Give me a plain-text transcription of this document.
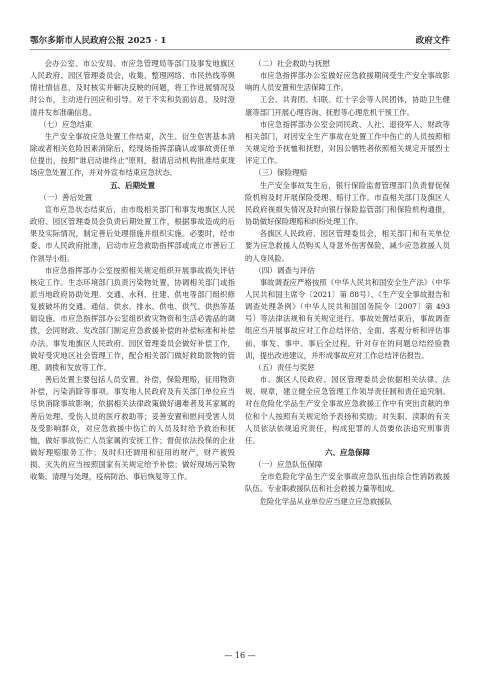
鄂尔多斯市人民政府公报 2025 · 1	政府文件

会办公室、市公安局、市应急管理局等部门及事发地旗区人民政府、园区管理委员会，收集、整理网络、市民热线等舆情社情信息，及时核实并解决反映的问题，将工作进展情况及时公布，主动进行回应和引导。对于不实和负面信息，及时澄清并发布准确信息。

（七）应急结束

生产安全事故应急处置工作结束，次生、衍生危害基本消除或者相关危险因素消除后，经现场指挥部确认或事故责任单位提出，按照"谁启动谁终止"原则，报请启动机构批准结束现场应急处置工作，并对外宣布结束应急状态。

五、后期处置

（一）善后处置

宣布应急状态结束后，由市级相关部门和事发地旗区人民政府、园区管理委员会负责后期处置工作，根据事故造成的后果及实际情况，制定善后处理措施并组织实施。必要时，经市委、市人民政府批准，启动市应急救助指挥部或成立市善后工作领导小组。

市应急指挥部办公室按照相关规定组织开展事故损失评估核定工作。生态环境部门负责污染物处置，协调相关部门或指派当地政府协助处理。交通、水利、住建、供电等部门组织修复被破坏的交通、通信、供水、排水、供电、供气、供热等基础设施。市应急指挥部办公室组织救灾物资和生活必需品的调拨，会同财政、发改部门制定应急救援补偿的补偿标准和补偿办法。事发地旗区人民政府、园区管理委员会做好补偿工作，做好受灾地区社会管理工作，配合相关部门做好救助款物的管理、调拨和发放等工作。

善后处置主要包括人员安置、补偿，保险理赔，征用物资补偿，污染消除等事项。事发地人民政府及有关部门单位应当尽快消除事故影响，依据相关法律政策做好遇难者及其家属的善后处理、受伤人员的医疗救助等；妥善安置和慰问受害人员及受影响群众，对应急救援中伤亡的人员及时给予救治和抚恤，做好事故伤亡人员家属的安抚工作；督促依法投保的企业做好理赔服务工作；及时归还调用和征用的财产，财产被毁损、灭失的应当按照国家有关规定给予补偿；做好现场污染物收集、清理与处理，疫病防治、事后恢复等工作。

（二）社会救助与抚慰

市应急指挥部办公室做好应急救援期间受生产安全事故影响的人员安置和生活保障工作。

工会、共青团、妇联、红十字会等人民团体，协助卫生健康等部门开展心理咨询、抚慰等心理危机干预工作。

市应急指挥部办公室会同民政、人社、退役军人、财政等相关部门，对因安全生产事故在处置工作中伤亡的人员按照相关规定给予抚恤和抚慰，对因公牺牲者依照相关规定开展烈士评定工作。

（三）保险理赔

生产安全事故发生后，银行保险监督管理部门负责督促保险机构及时开展保险受理、赔付工作。市直相关部门及旗区人民政府视损失情况及时向银行保险监管部门和保险机构通报，协助做好保险理赔和纠纷处理工作。

各旗区人民政府、园区管理委员会，相关部门和有关单位要为应急救援人员购买人身意外伤害保险，减少应急救援人员的人身风险。

（四）调查与评估

事故调查应严格按照《中华人民共和国安全生产法》（中华人民共和国主席令〔2021〕第 88号）、《生产安全事故报告和调查处理条例》（中华人民共和国国务院令〔2007〕第 493 号）等法律法规和有关规定进行。事故处置结束后，事故调查组应当开展事故应对工作总结评估，全面、客观分析和评估事前、事发、事中、事后全过程，针对存在的问题总结经验教训，提出改进建议，并形成事故应对工作总结评估报告。

（五）责任与奖惩

市、旗区人民政府、园区管理委员会依据相关法律、法规、规章，建立健全应急管理工作领导责任制和责任追究制。对在危险化学品生产安全事故应急救援工作中有突出贡献的单位和个人按照有关规定给予表扬和奖励；对失职、渎职的有关人员依法依规追究责任，构成犯罪的人员要依法追究刑事责任。

六、应急保障

（一）应急队伍保障

全市危险化学品生产安全事故应急队伍由综合性消防救援队伍、专业职救援队伍和社会救援力量等组成。

危险化学品从业单位应当建立应急救援队

— 16 —
